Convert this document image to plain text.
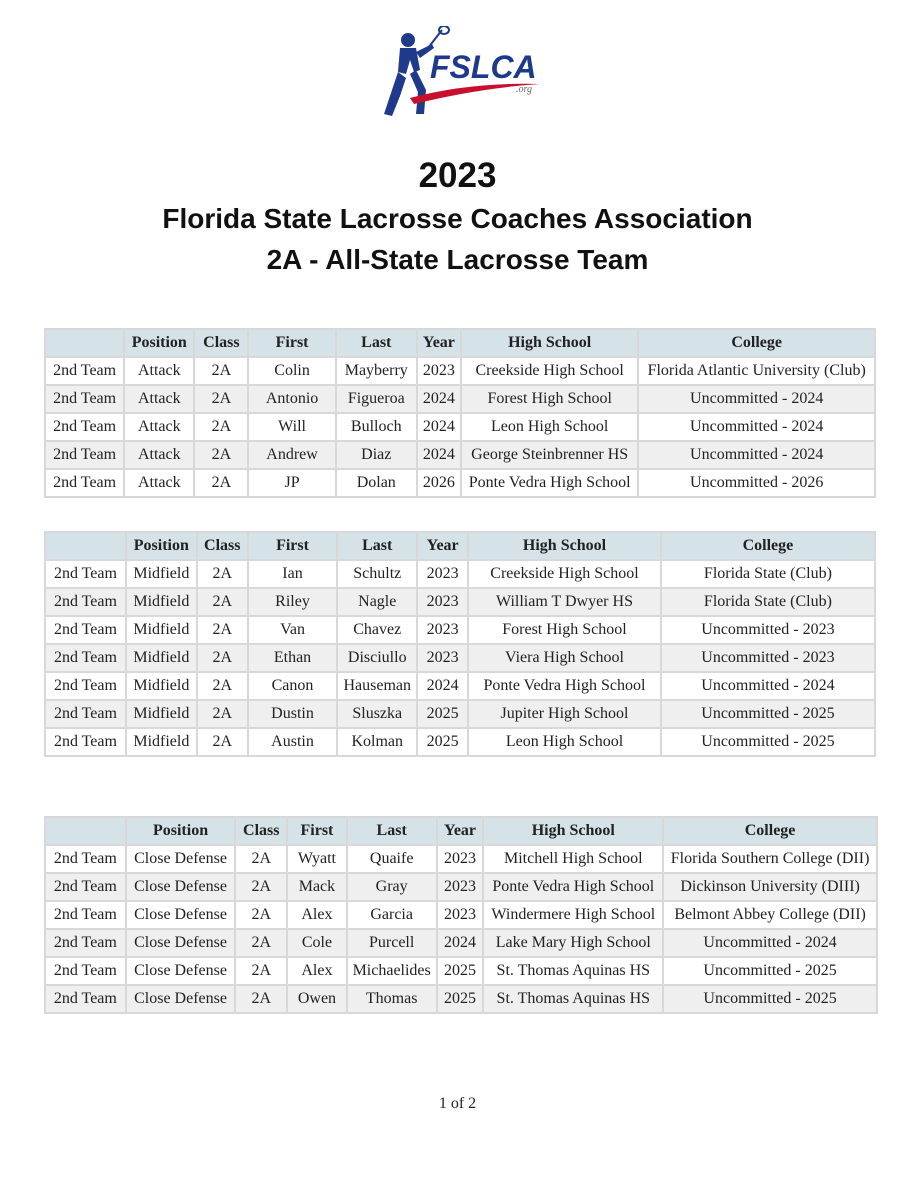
FSLCA
.org
2023
Florida State Lacrosse Coaches Association
2A - All-State Lacrosse Team
	Position	Class	First	Last	Year	High School	College
2nd Team	Attack	2A	Colin	Mayberry	2023	Creekside High School	Florida Atlantic University (Club)
2nd Team	Attack	2A	Antonio	Figueroa	2024	Forest High School	Uncommitted - 2024
2nd Team	Attack	2A	Will	Bulloch	2024	Leon High School	Uncommitted - 2024
2nd Team	Attack	2A	Andrew	Diaz	2024	George Steinbrenner HS	Uncommitted - 2024
2nd Team	Attack	2A	JP	Dolan	2026	Ponte Vedra High School	Uncommitted - 2026
	Position	Class	First	Last	Year	High School	College
2nd Team	Midfield	2A	Ian	Schultz	2023	Creekside High School	Florida State (Club)
2nd Team	Midfield	2A	Riley	Nagle	2023	William T Dwyer HS	Florida State (Club)
2nd Team	Midfield	2A	Van	Chavez	2023	Forest High School	Uncommitted - 2023
2nd Team	Midfield	2A	Ethan	Disciullo	2023	Viera High School	Uncommitted - 2023
2nd Team	Midfield	2A	Canon	Hauseman	2024	Ponte Vedra High School	Uncommitted - 2024
2nd Team	Midfield	2A	Dustin	Sluszka	2025	Jupiter High School	Uncommitted - 2025
2nd Team	Midfield	2A	Austin	Kolman	2025	Leon High School	Uncommitted - 2025
	Position	Class	First	Last	Year	High School	College
2nd Team	Close Defense	2A	Wyatt	Quaife	2023	Mitchell High School	Florida Southern College (DII)
2nd Team	Close Defense	2A	Mack	Gray	2023	Ponte Vedra High School	Dickinson University (DIII)
2nd Team	Close Defense	2A	Alex	Garcia	2023	Windermere High School	Belmont Abbey College (DII)
2nd Team	Close Defense	2A	Cole	Purcell	2024	Lake Mary High School	Uncommitted - 2024
2nd Team	Close Defense	2A	Alex	Michaelides	2025	St. Thomas Aquinas HS	Uncommitted - 2025
2nd Team	Close Defense	2A	Owen	Thomas	2025	St. Thomas Aquinas HS	Uncommitted - 2025
1 of 2
